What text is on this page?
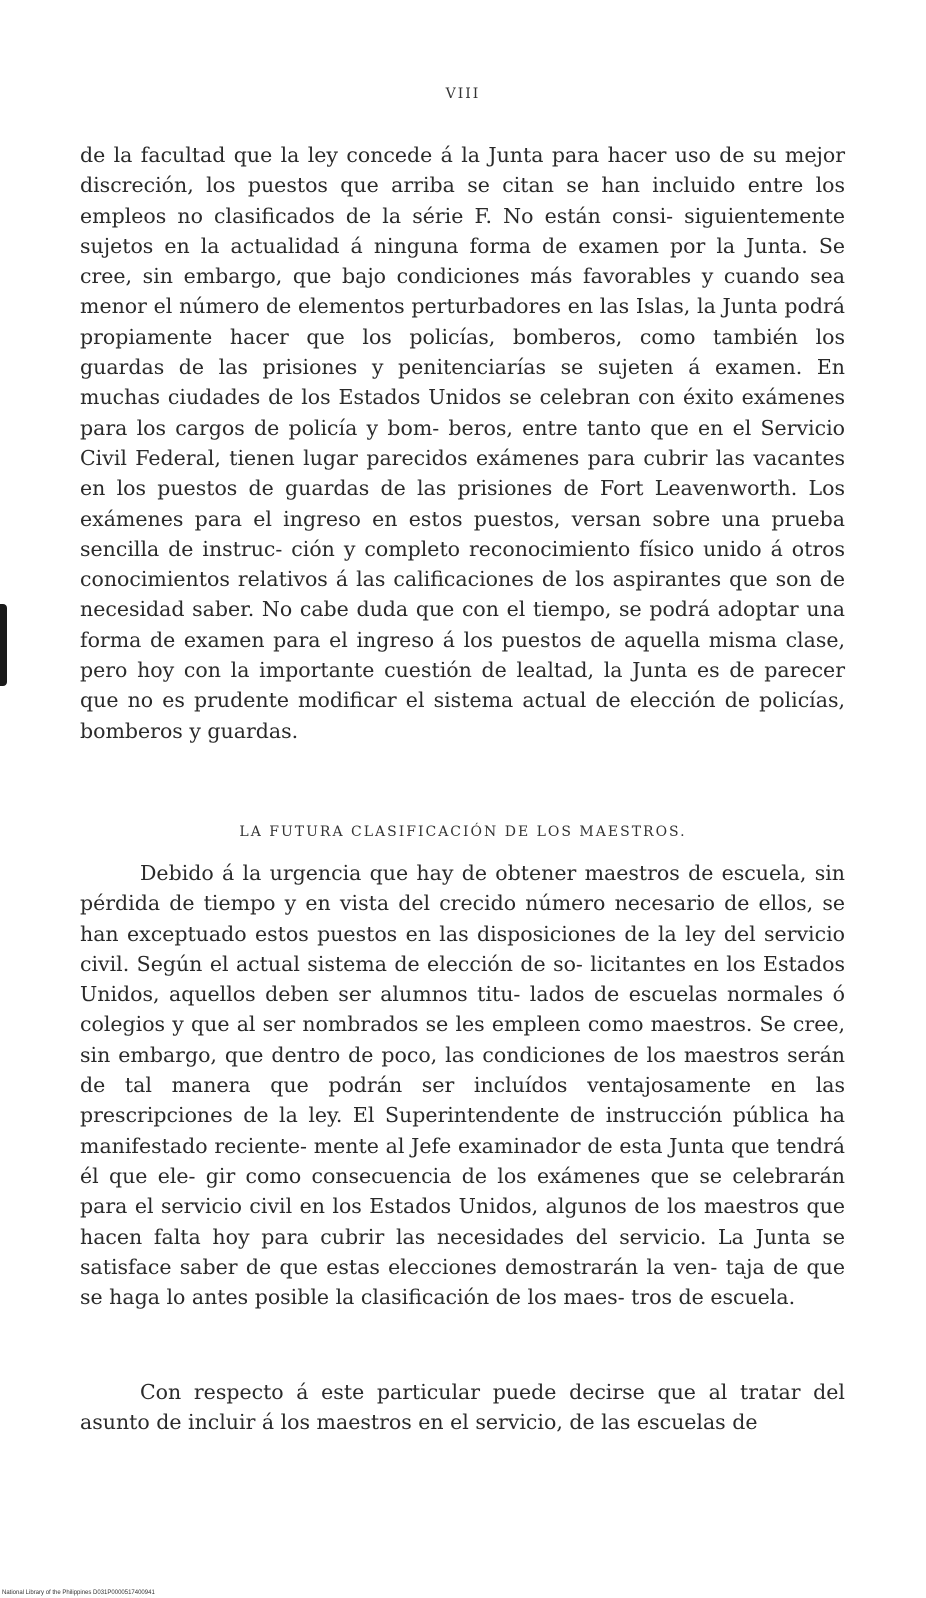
VIII
de la facultad que la ley concede á la Junta para hacer uso de su mejor discreción, los puestos que arriba se citan se han incluido entre los empleos no clasificados de la série F. No están consi- siguientemente sujetos en la actualidad á ninguna forma de examen por la Junta. Se cree, sin embargo, que bajo condiciones más favorables y cuando sea menor el número de elementos perturbadores en las Islas, la Junta podrá propiamente hacer que los policías, bomberos, como también los guardas de las prisiones y penitenciarías se sujeten á examen. En muchas ciudades de los Estados Unidos se celebran con éxito exámenes para los cargos de policía y bom- beros, entre tanto que en el Servicio Civil Federal, tienen lugar parecidos exámenes para cubrir las vacantes en los puestos de guardas de las prisiones de Fort Leavenworth. Los exámenes para el ingreso en estos puestos, versan sobre una prueba sencilla de instruc- ción y completo reconocimiento físico unido á otros conocimientos relativos á las calificaciones de los aspirantes que son de necesidad saber. No cabe duda que con el tiempo, se podrá adoptar una forma de examen para el ingreso á los puestos de aquella misma clase, pero hoy con la importante cuestión de lealtad, la Junta es de parecer que no es prudente modificar el sistema actual de elección de policías, bomberos y guardas.
LA FUTURA CLASIFICACIÓN DE LOS MAESTROS.
Debido á la urgencia que hay de obtener maestros de escuela, sin pérdida de tiempo y en vista del crecido número necesario de ellos, se han exceptuado estos puestos en las disposiciones de la ley del servicio civil. Según el actual sistema de elección de so- licitantes en los Estados Unidos, aquellos deben ser alumnos titu- lados de escuelas normales ó colegios y que al ser nombrados se les empleen como maestros. Se cree, sin embargo, que dentro de poco, las condiciones de los maestros serán de tal manera que podrán ser incluídos ventajosamente en las prescripciones de la ley. El Superintendente de instrucción pública ha manifestado reciente- mente al Jefe examinador de esta Junta que tendrá él que ele- gir como consecuencia de los exámenes que se celebrarán para el servicio civil en los Estados Unidos, algunos de los maestros que hacen falta hoy para cubrir las necesidades del servicio. La Junta se satisface saber de que estas elecciones demostrarán la ven- taja de que se haga lo antes posible la clasificación de los maes- tros de escuela.
Con respecto á este particular puede decirse que al tratar del asunto de incluir á los maestros en el servicio, de las escuelas de
National Library of the Philippines D031P0000517400941
